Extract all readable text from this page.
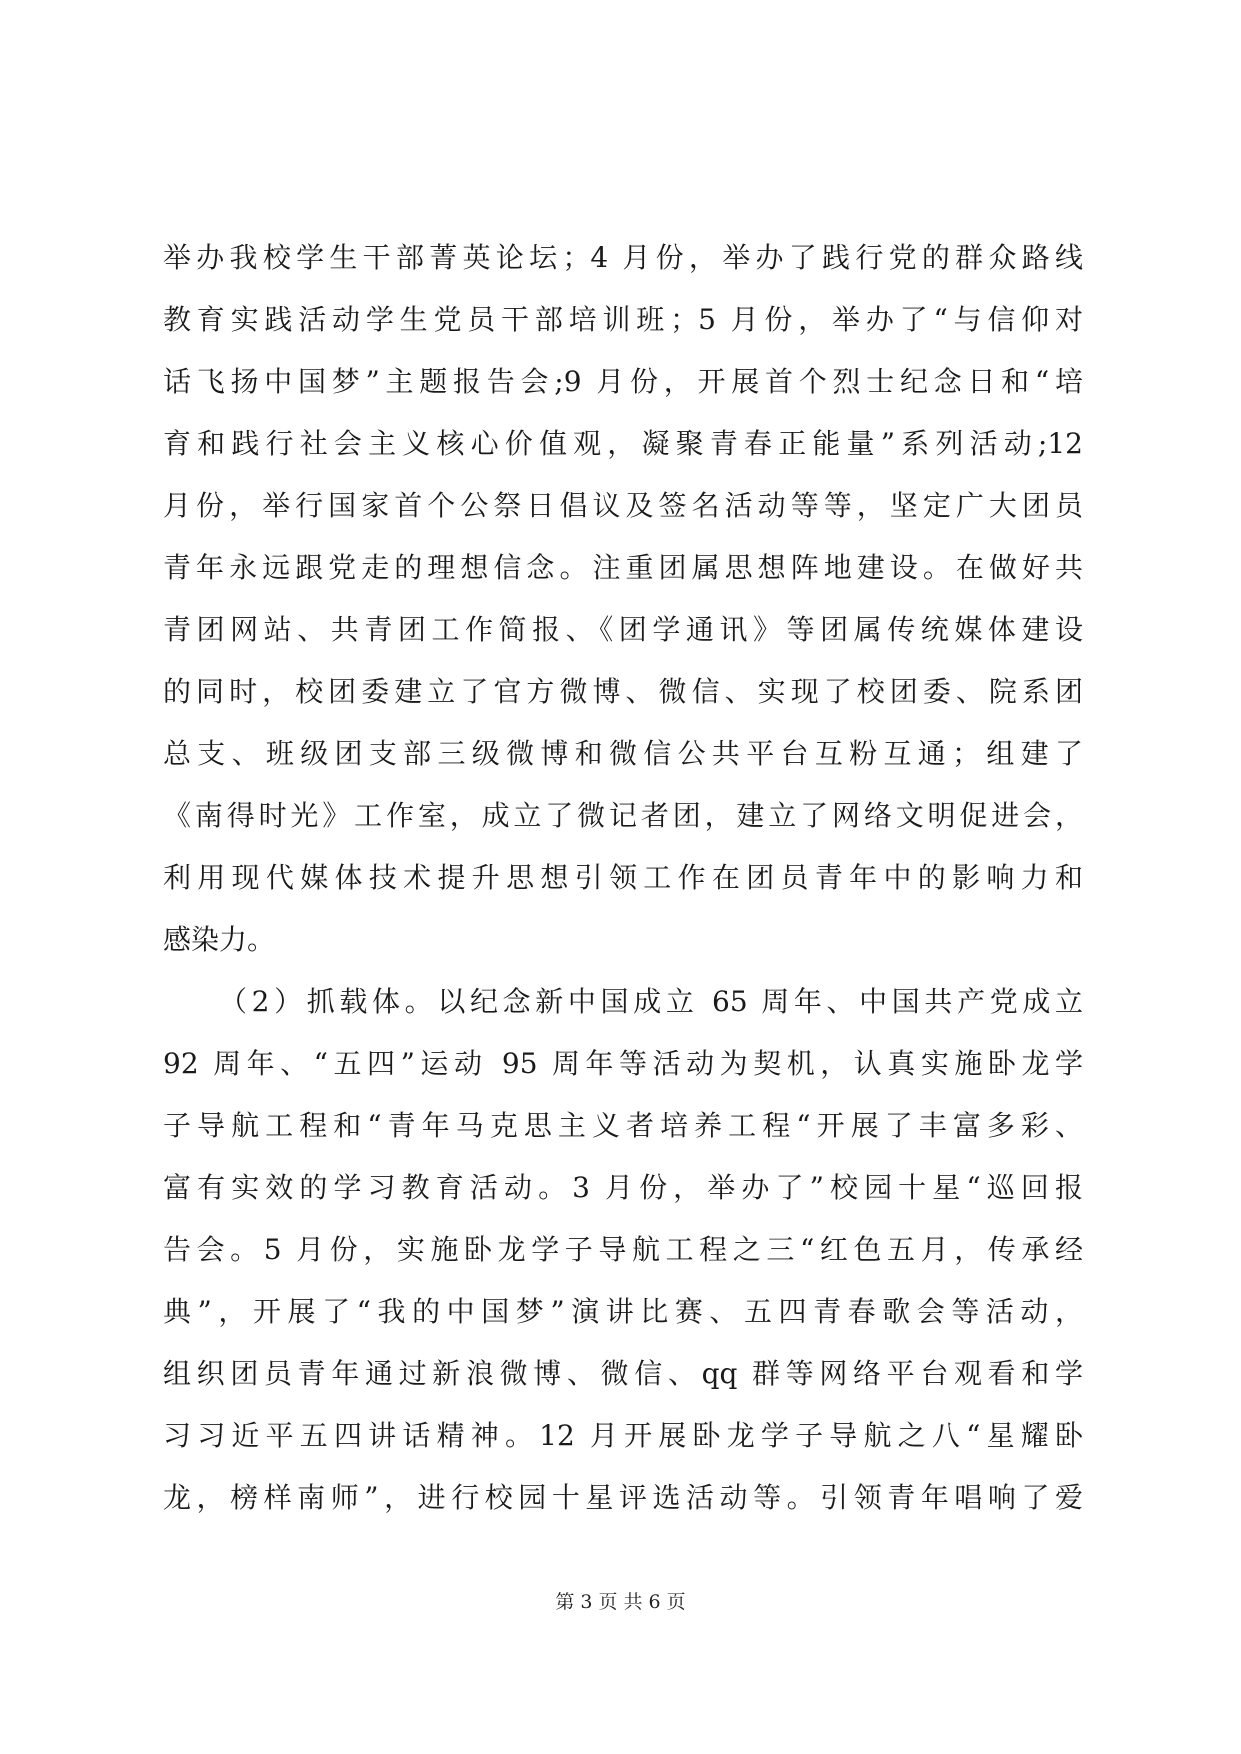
举办我校学生干部菁英论坛；4 月份，举办了践行党的群众路线
教育实践活动学生党员干部培训班；5 月份，举办了“与信仰对
话飞扬中国梦”主题报告会;9 月份，开展首个烈士纪念日和“培
育和践行社会主义核心价值观，凝聚青春正能量”系列活动;12
月份，举行国家首个公祭日倡议及签名活动等等，坚定广大团员
青年永远跟党走的理想信念。注重团属思想阵地建设。在做好共
青团网站、共青团工作简报、《团学通讯》等团属传统媒体建设
的同时，校团委建立了官方微博、微信、实现了校团委、院系团
总支、班级团支部三级微博和微信公共平台互粉互通；组建了
《南得时光》工作室，成立了微记者团，建立了网络文明促进会，
利用现代媒体技术提升思想引领工作在团员青年中的影响力和
感染力。
（2）抓载体。以纪念新中国成立 65 周年、中国共产党成立
92 周年、“五四”运动 95 周年等活动为契机，认真实施卧龙学
子导航工程和“青年马克思主义者培养工程“开展了丰富多彩、
富有实效的学习教育活动。3 月份，举办了”校园十星“巡回报
告会。5 月份，实施卧龙学子导航工程之三“红色五月，传承经
典”，开展了“我的中国梦”演讲比赛、五四青春歌会等活动，
组织团员青年通过新浪微博、微信、qq 群等网络平台观看和学
习习近平五四讲话精神。12 月开展卧龙学子导航之八“星耀卧
龙，榜样南师”，进行校园十星评选活动等。引领青年唱响了爱
第 3 页 共 6 页
